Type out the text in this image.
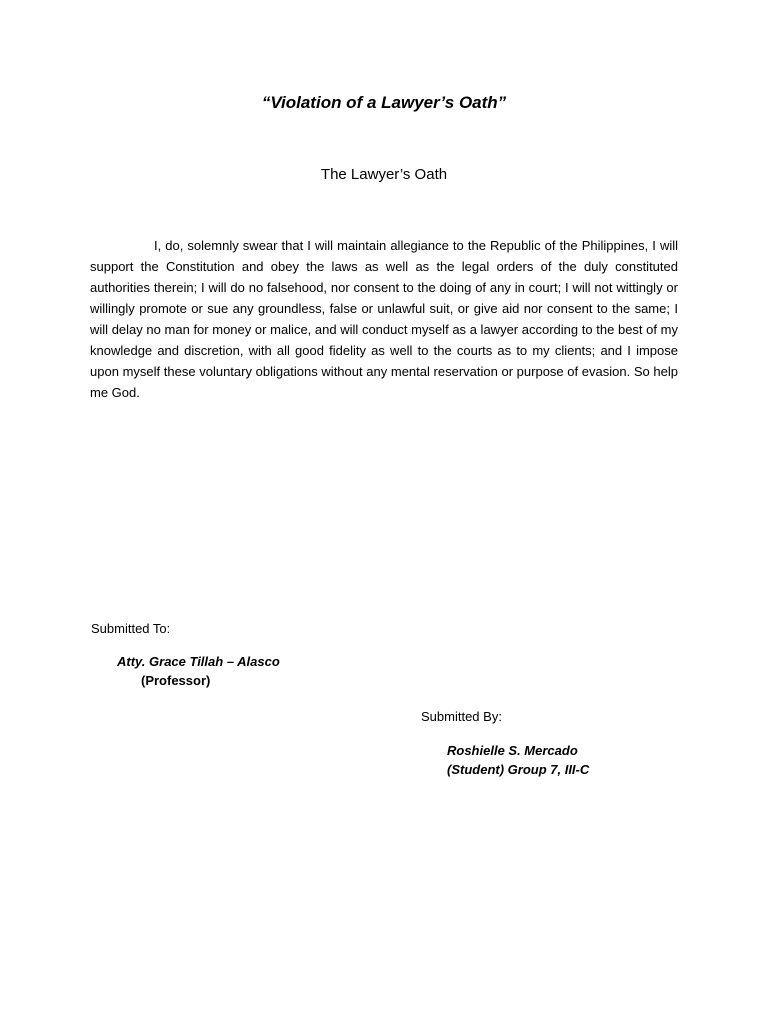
“Violation of a Lawyer’s Oath”
The Lawyer’s Oath

I, do, solemnly swear that I will maintain allegiance to the Republic of the Philippines, I will support the Constitution and obey the laws as well as the legal orders of the duly constituted authorities therein; I will do no falsehood, nor consent to the doing of any in court; I will not wittingly or willingly promote or sue any groundless, false or unlawful suit, or give aid nor consent to the same; I will delay no man for money or malice, and will conduct myself as a lawyer according to the best of my knowledge and discretion, with all good fidelity as well to the courts as to my clients; and I impose upon myself these voluntary obligations without any mental reservation or purpose of evasion. So help me God.

Submitted To:
Atty. Grace Tillah – Alasco
(Professor)
Submitted By:
Roshielle S. Mercado
(Student) Group 7, III-C
